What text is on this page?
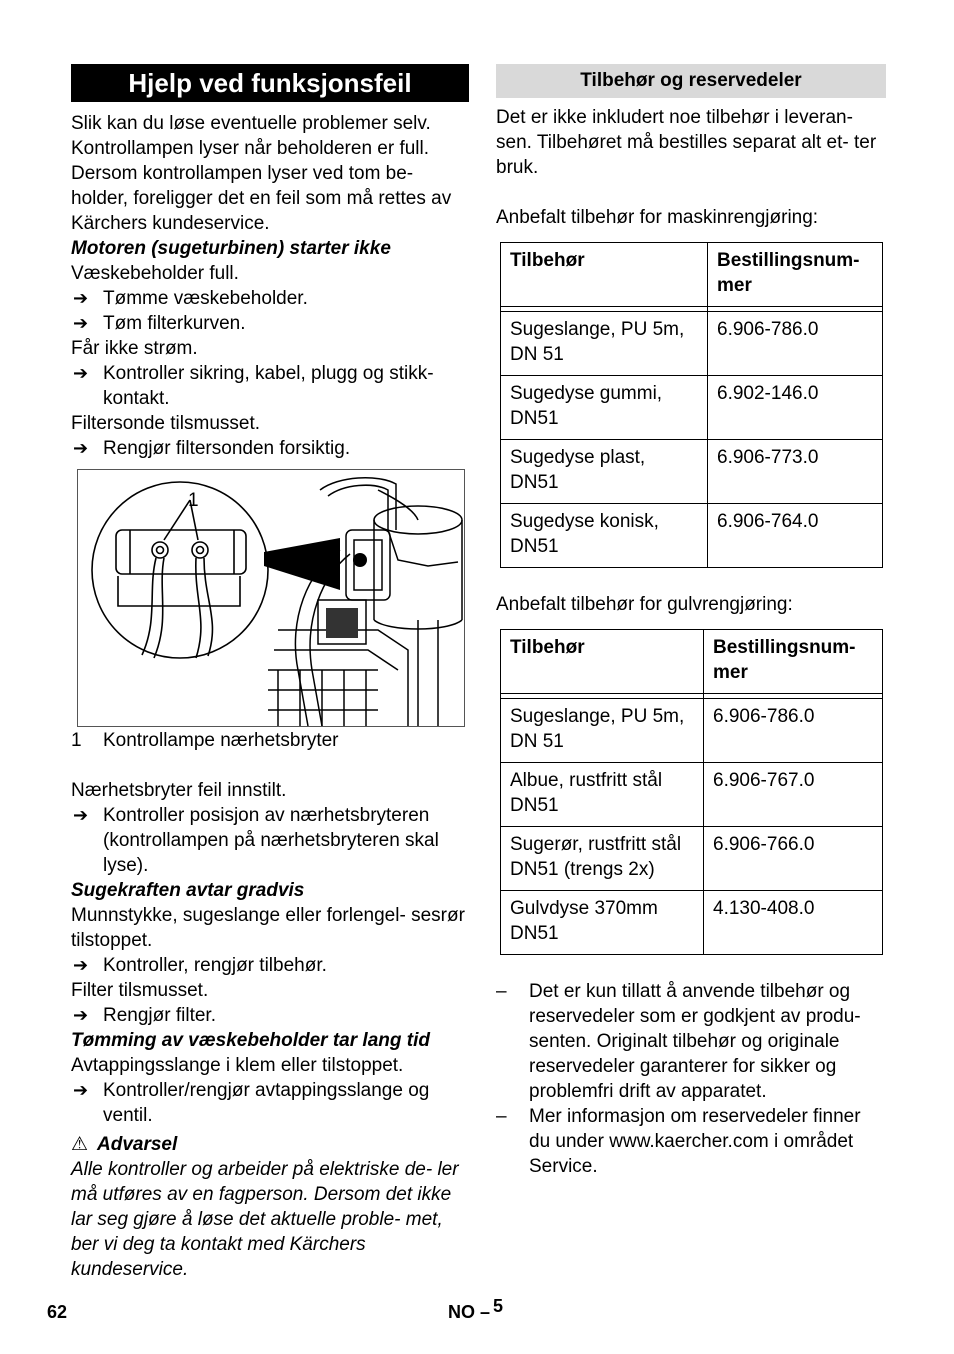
Hjelp ved funksjonsfeil

Slik kan du løse eventuelle problemer selv. Kontrollampen lyser når beholderen er full. Dersom kontrollampen lyser ved tom be- holder, foreligger det en feil som må rettes av Kärchers kundeservice.

Motoren (sugeturbinen) starter ikke

Væskebeholder full.

➔ Tømme væskebeholder.
➔ Tøm filterkurven.

Får ikke strøm.

➔ Kontroller sikring, kabel, plugg og stikk- kontakt.

Filtersonde tilsmusset.

➔ Rengjør filtersonden forsiktig.
1
1 Kontrollampe nærhetsbryter

Nærhetsbryter feil innstilt.

➔ Kontroller posisjon av nærhetsbryteren (kontrollampen på nærhetsbryteren skal lyse).

Sugekraften avtar gradvis

Munnstykke, sugeslange eller forlengel- sesrør tilstoppet.

➔ Kontroller, rengjør tilbehør.

Filter tilsmusset.

➔ Rengjør filter.

Tømming av væskebeholder tar lang tid

Avtappingsslange i klem eller tilstoppet.

➔ Kontroller/rengjør avtappingsslange og ventil.

⚠ Advarsel

Alle kontroller og arbeider på elektriske de- ler må utføres av en fagperson. Dersom det ikke lar seg gjøre å løse det aktuelle proble- met, ber vi deg ta kontakt med Kärchers kundeservice.

Tilbehør og reservedeler

Det er ikke inkludert noe tilbehør i leveran- sen. Tilbehøret må bestilles separat alt et- ter bruk.

Anbefalt tilbehør for maskinrengjøring:

Tilbehør	Bestillingsnum- mer

Sugeslange, PU 5m, DN 51	6.906-786.0
Sugedyse gummi, DN51	6.902-146.0
Sugedyse plast, DN51	6.906-773.0
Sugedyse konisk, DN51	6.906-764.0

Anbefalt tilbehør for gulvrengjøring:

Tilbehør	Bestillingsnum- mer

Sugeslange, PU 5m, DN 51	6.906-786.0
Albue, rustfritt stål DN51	6.906-767.0
Sugerør, rustfritt stål DN51 (trengs 2x)	6.906-766.0
Gulvdyse 370mm DN51	4.130-408.0
– Det er kun tillatt å anvende tilbehør og reservedeler som er godkjent av produ- senten. Originalt tilbehør og originale reservedeler garanterer for sikker og problemfri drift av apparatet.
– Mer informasjon om reservedeler finner du under www.kaercher.com i området Service.
62	NO – 5
